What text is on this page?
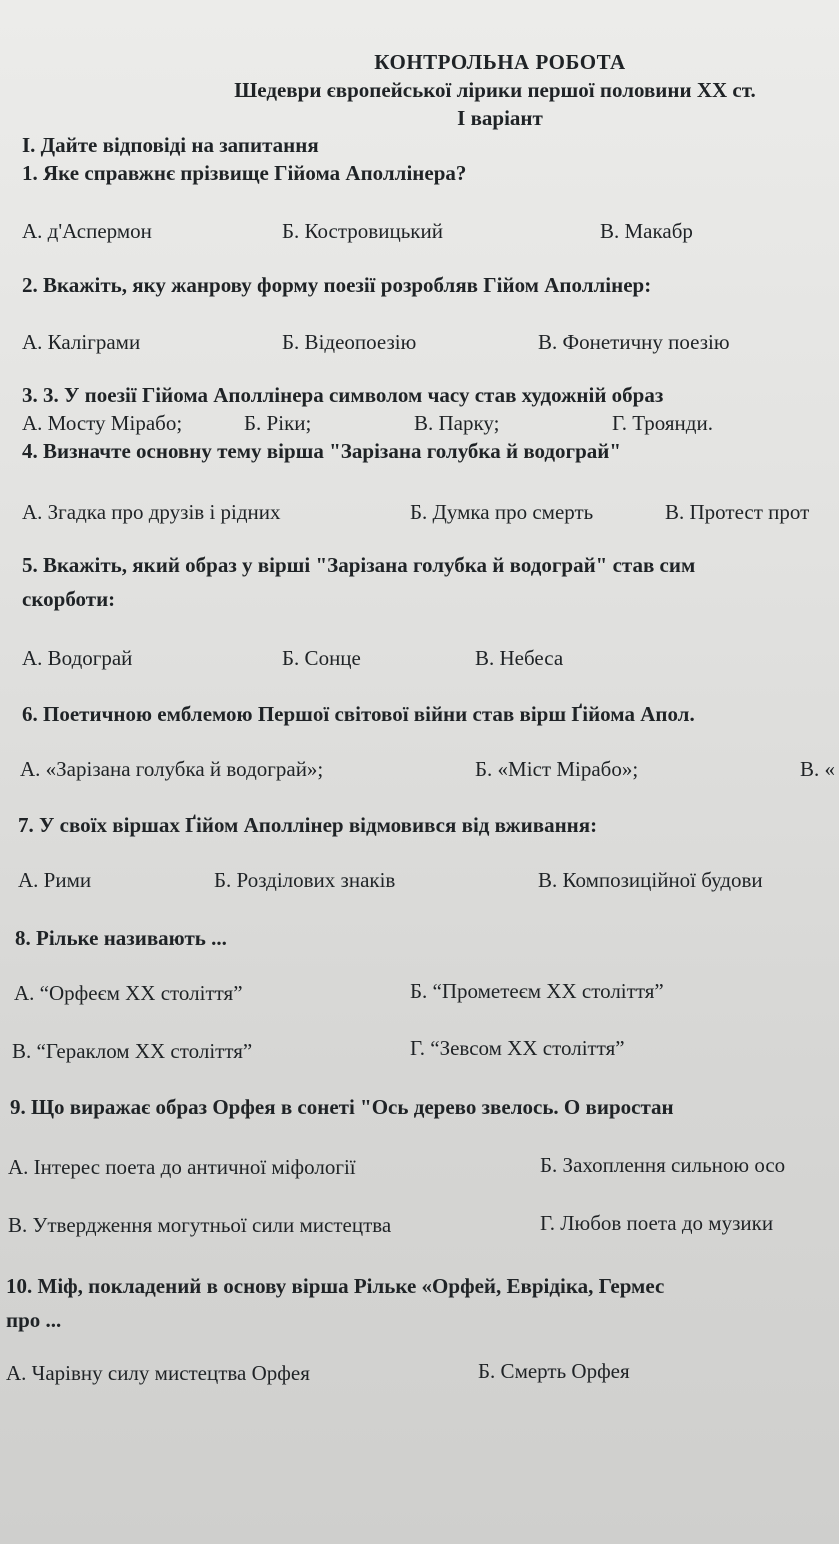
КОНТРОЛЬНА РОБОТА
Шедеври європейської лірики першої половини ХХ ст.
І варіант
І. Дайте відповіді на запитання
1. Яке справжнє прізвище Гійома Аполлінера?
А. д'Аспермон	Б. Костровицький	В. Макабр
2. Вкажіть, яку жанрову форму поезії розробляв Гійом Аполлінер:
А. Каліграми	Б. Відеопоезію	В. Фонетичну поезію
3. 3. У поезії Гійома Аполлінера символом часу став художній образ
А. Мосту Мірабо;	Б. Ріки;	В. Парку;	Г. Троянди.
4. Визначте основну тему вірша "Зарізана голубка й водограй"
А. Згадка про друзів і рідних	Б. Думка про смерть	В. Протест прот
5. Вкажіть, який образ у вірші "Зарізана голубка й водограй" став сим
скорботи:
А. Водограй	Б. Сонце	В. Небеса
6. Поетичною емблемою Першої світової війни став вірш Ґійома Апол.
А. «Зарізана голубка й водограй»;	Б. «Міст Мірабо»;	В. «
7. У своїх віршах Ґійом Аполлінер відмовився від вживання:
А. Рими	Б. Розділових знаків	В. Композиційної будови
8. Рільке називають ...
А. “Орфеєм ХХ століття”	Б. “Прометеєм ХХ століття”
В. “Гераклом ХХ століття”	Г. “Зевсом ХХ століття”
9. Що виражає образ Орфея в сонеті "Ось дерево звелось. О виростан
А. Інтерес поета до античної міфології	Б. Захоплення сильною осо
В. Утвердження могутньої сили мистецтва	Г. Любов поета до музики
10. Міф, покладений в основу вірша Рільке «Орфей, Еврідіка, Гермес
про ...
А. Чарівну силу мистецтва Орфея	Б. Смерть Орфея
